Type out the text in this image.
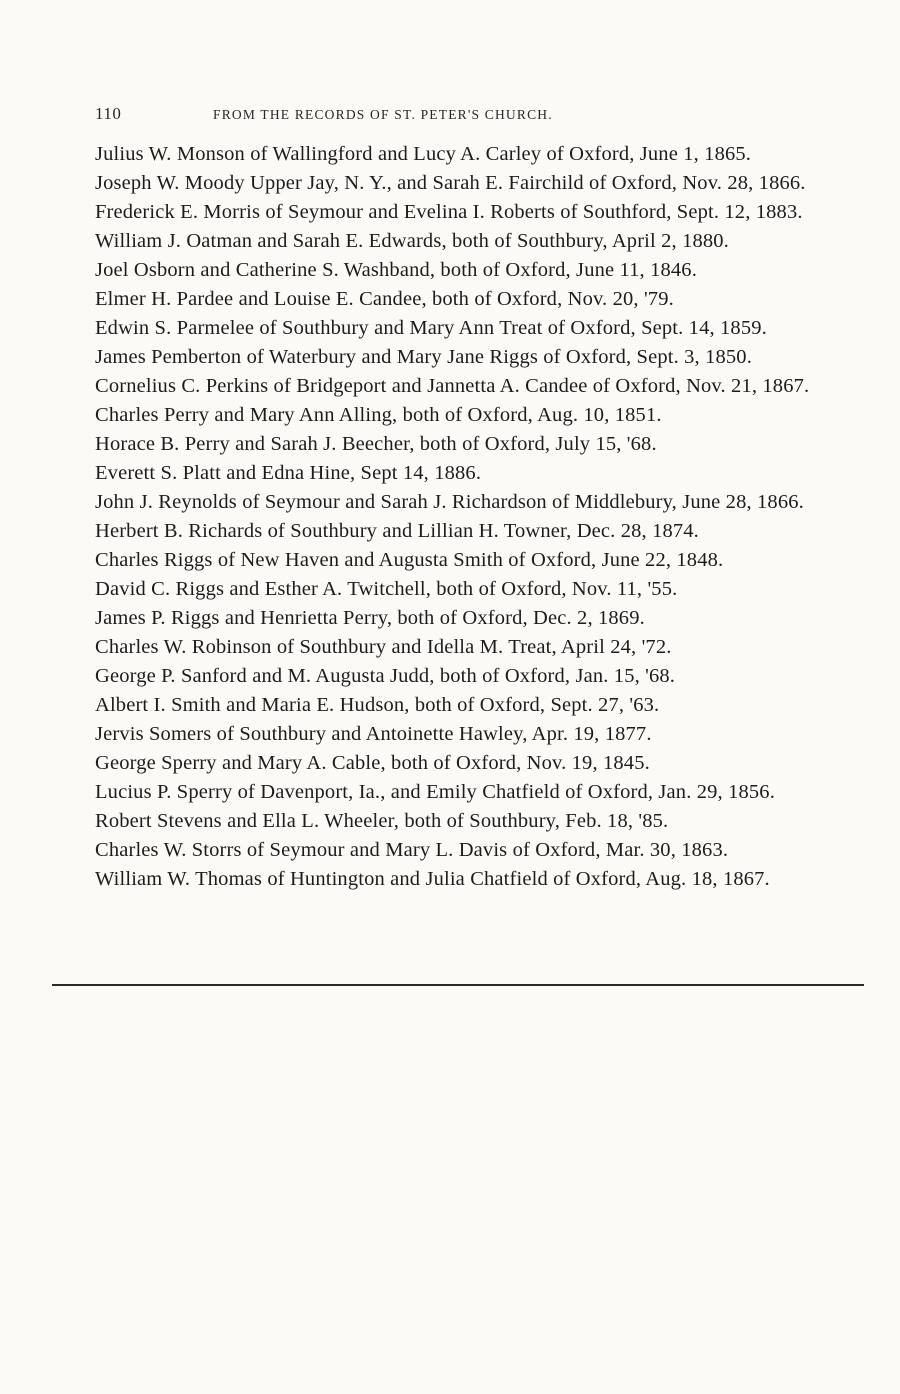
110	FROM THE RECORDS OF ST. PETER'S CHURCH.

Julius W. Monson of Wallingford and Lucy A. Carley of Oxford, June 1, 1865.

Joseph W. Moody Upper Jay, N. Y., and Sarah E. Fairchild of Oxford, Nov. 28, 1866.

Frederick E. Morris of Seymour and Evelina I. Roberts of Southford, Sept. 12, 1883.

William J. Oatman and Sarah E. Edwards, both of Southbury, April 2, 1880.

Joel Osborn and Catherine S. Washband, both of Oxford, June 11, 1846.

Elmer H. Pardee and Louise E. Candee, both of Oxford, Nov. 20, '79.

Edwin S. Parmelee of Southbury and Mary Ann Treat of Oxford, Sept. 14, 1859.

James Pemberton of Waterbury and Mary Jane Riggs of Oxford, Sept. 3, 1850.

Cornelius C. Perkins of Bridgeport and Jannetta A. Candee of Oxford, Nov. 21, 1867.

Charles Perry and Mary Ann Alling, both of Oxford, Aug. 10, 1851.

Horace B. Perry and Sarah J. Beecher, both of Oxford, July 15, '68.

Everett S. Platt and Edna Hine, Sept 14, 1886.

John J. Reynolds of Seymour and Sarah J. Richardson of Middlebury, June 28, 1866.

Herbert B. Richards of Southbury and Lillian H. Towner, Dec. 28, 1874.

Charles Riggs of New Haven and Augusta Smith of Oxford, June 22, 1848.

David C. Riggs and Esther A. Twitchell, both of Oxford, Nov. 11, '55.

James P. Riggs and Henrietta Perry, both of Oxford, Dec. 2, 1869.

Charles W. Robinson of Southbury and Idella M. Treat, April 24, '72.

George P. Sanford and M. Augusta Judd, both of Oxford, Jan. 15, '68.

Albert I. Smith and Maria E. Hudson, both of Oxford, Sept. 27, '63.

Jervis Somers of Southbury and Antoinette Hawley, Apr. 19, 1877.

George Sperry and Mary A. Cable, both of Oxford, Nov. 19, 1845.

Lucius P. Sperry of Davenport, Ia., and Emily Chatfield of Oxford, Jan. 29, 1856.

Robert Stevens and Ella L. Wheeler, both of Southbury, Feb. 18, '85.

Charles W. Storrs of Seymour and Mary L. Davis of Oxford, Mar. 30, 1863.

William W. Thomas of Huntington and Julia Chatfield of Oxford, Aug. 18, 1867.
